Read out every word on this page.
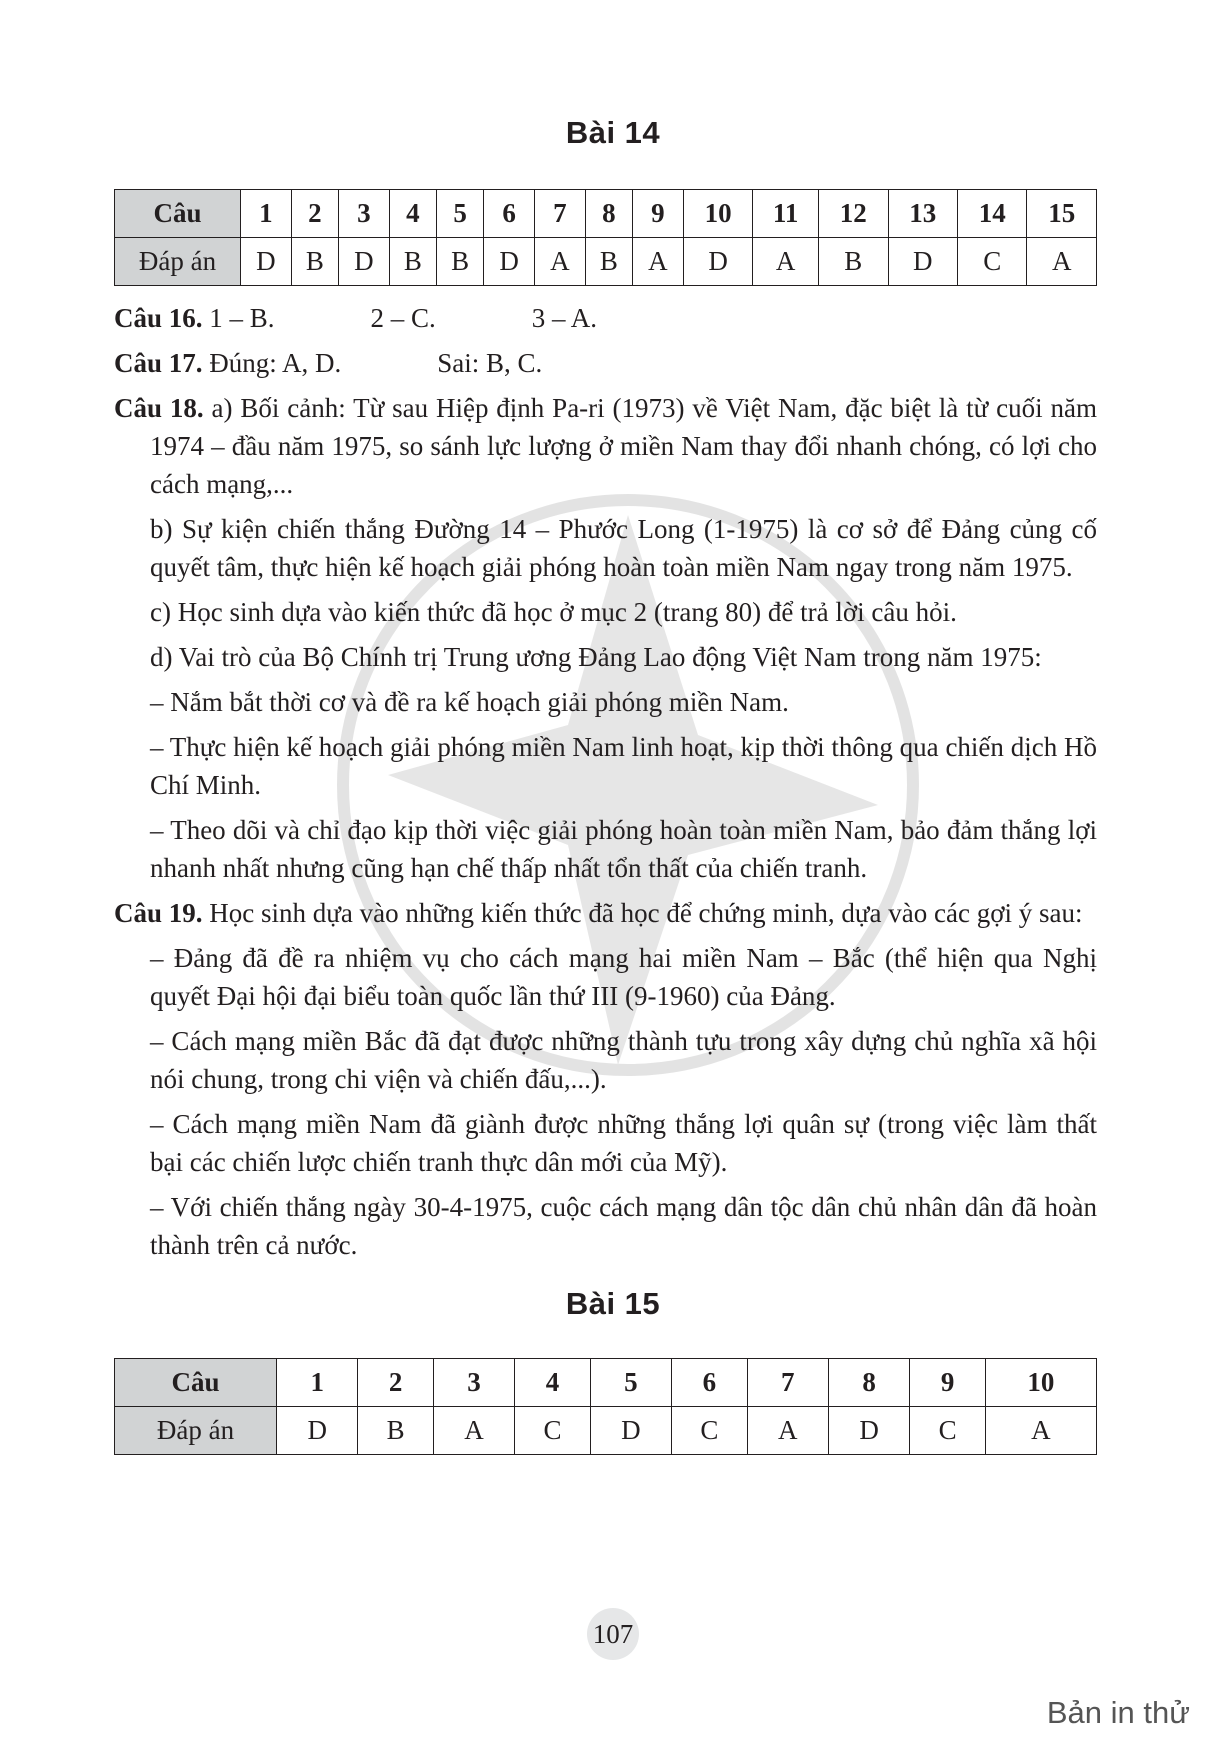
Bài 14
Câu	1	2	3	4	5	6	7	8	9	10	11	12	13	14	15
Đáp án	D	B	D	B	B	D	A	B	A	D	A	B	D	C	A

Câu 16. 1 – B.	2 – C.	3 – A.

Câu 17. Đúng: A, D.	Sai: B, C.

Câu 18. a) Bối cảnh: Từ sau Hiệp định Pa-ri (1973) về Việt Nam, đặc biệt là từ cuối năm 1974 – đầu năm 1975, so sánh lực lượng ở miền Nam thay đổi nhanh chóng, có lợi cho cách mạng,...

b) Sự kiện chiến thắng Đường 14 – Phước Long (1-1975) là cơ sở để Đảng củng cố quyết tâm, thực hiện kế hoạch giải phóng hoàn toàn miền Nam ngay trong năm 1975.

c) Học sinh dựa vào kiến thức đã học ở mục 2 (trang 80) để trả lời câu hỏi.

d) Vai trò của Bộ Chính trị Trung ương Đảng Lao động Việt Nam trong năm 1975:

– Nắm bắt thời cơ và đề ra kế hoạch giải phóng miền Nam.

– Thực hiện kế hoạch giải phóng miền Nam linh hoạt, kịp thời thông qua chiến dịch Hồ Chí Minh.

– Theo dõi và chỉ đạo kịp thời việc giải phóng hoàn toàn miền Nam, bảo đảm thắng lợi nhanh nhất nhưng cũng hạn chế thấp nhất tổn thất của chiến tranh.

Câu 19. Học sinh dựa vào những kiến thức đã học để chứng minh, dựa vào các gợi ý sau:

– Đảng đã đề ra nhiệm vụ cho cách mạng hai miền Nam – Bắc (thể hiện qua Nghị quyết Đại hội đại biểu toàn quốc lần thứ III (9-1960) của Đảng.

– Cách mạng miền Bắc đã đạt được những thành tựu trong xây dựng chủ nghĩa xã hội nói chung, trong chi viện và chiến đấu,...).

– Cách mạng miền Nam đã giành được những thắng lợi quân sự (trong việc làm thất bại các chiến lược chiến tranh thực dân mới của Mỹ).

– Với chiến thắng ngày 30-4-1975, cuộc cách mạng dân tộc dân chủ nhân dân đã hoàn thành trên cả nước.

Bài 15
Câu	1	2	3	4	5	6	7	8	9	10
Đáp án	D	B	A	C	D	C	A	D	C	A
107
Bản in thử
